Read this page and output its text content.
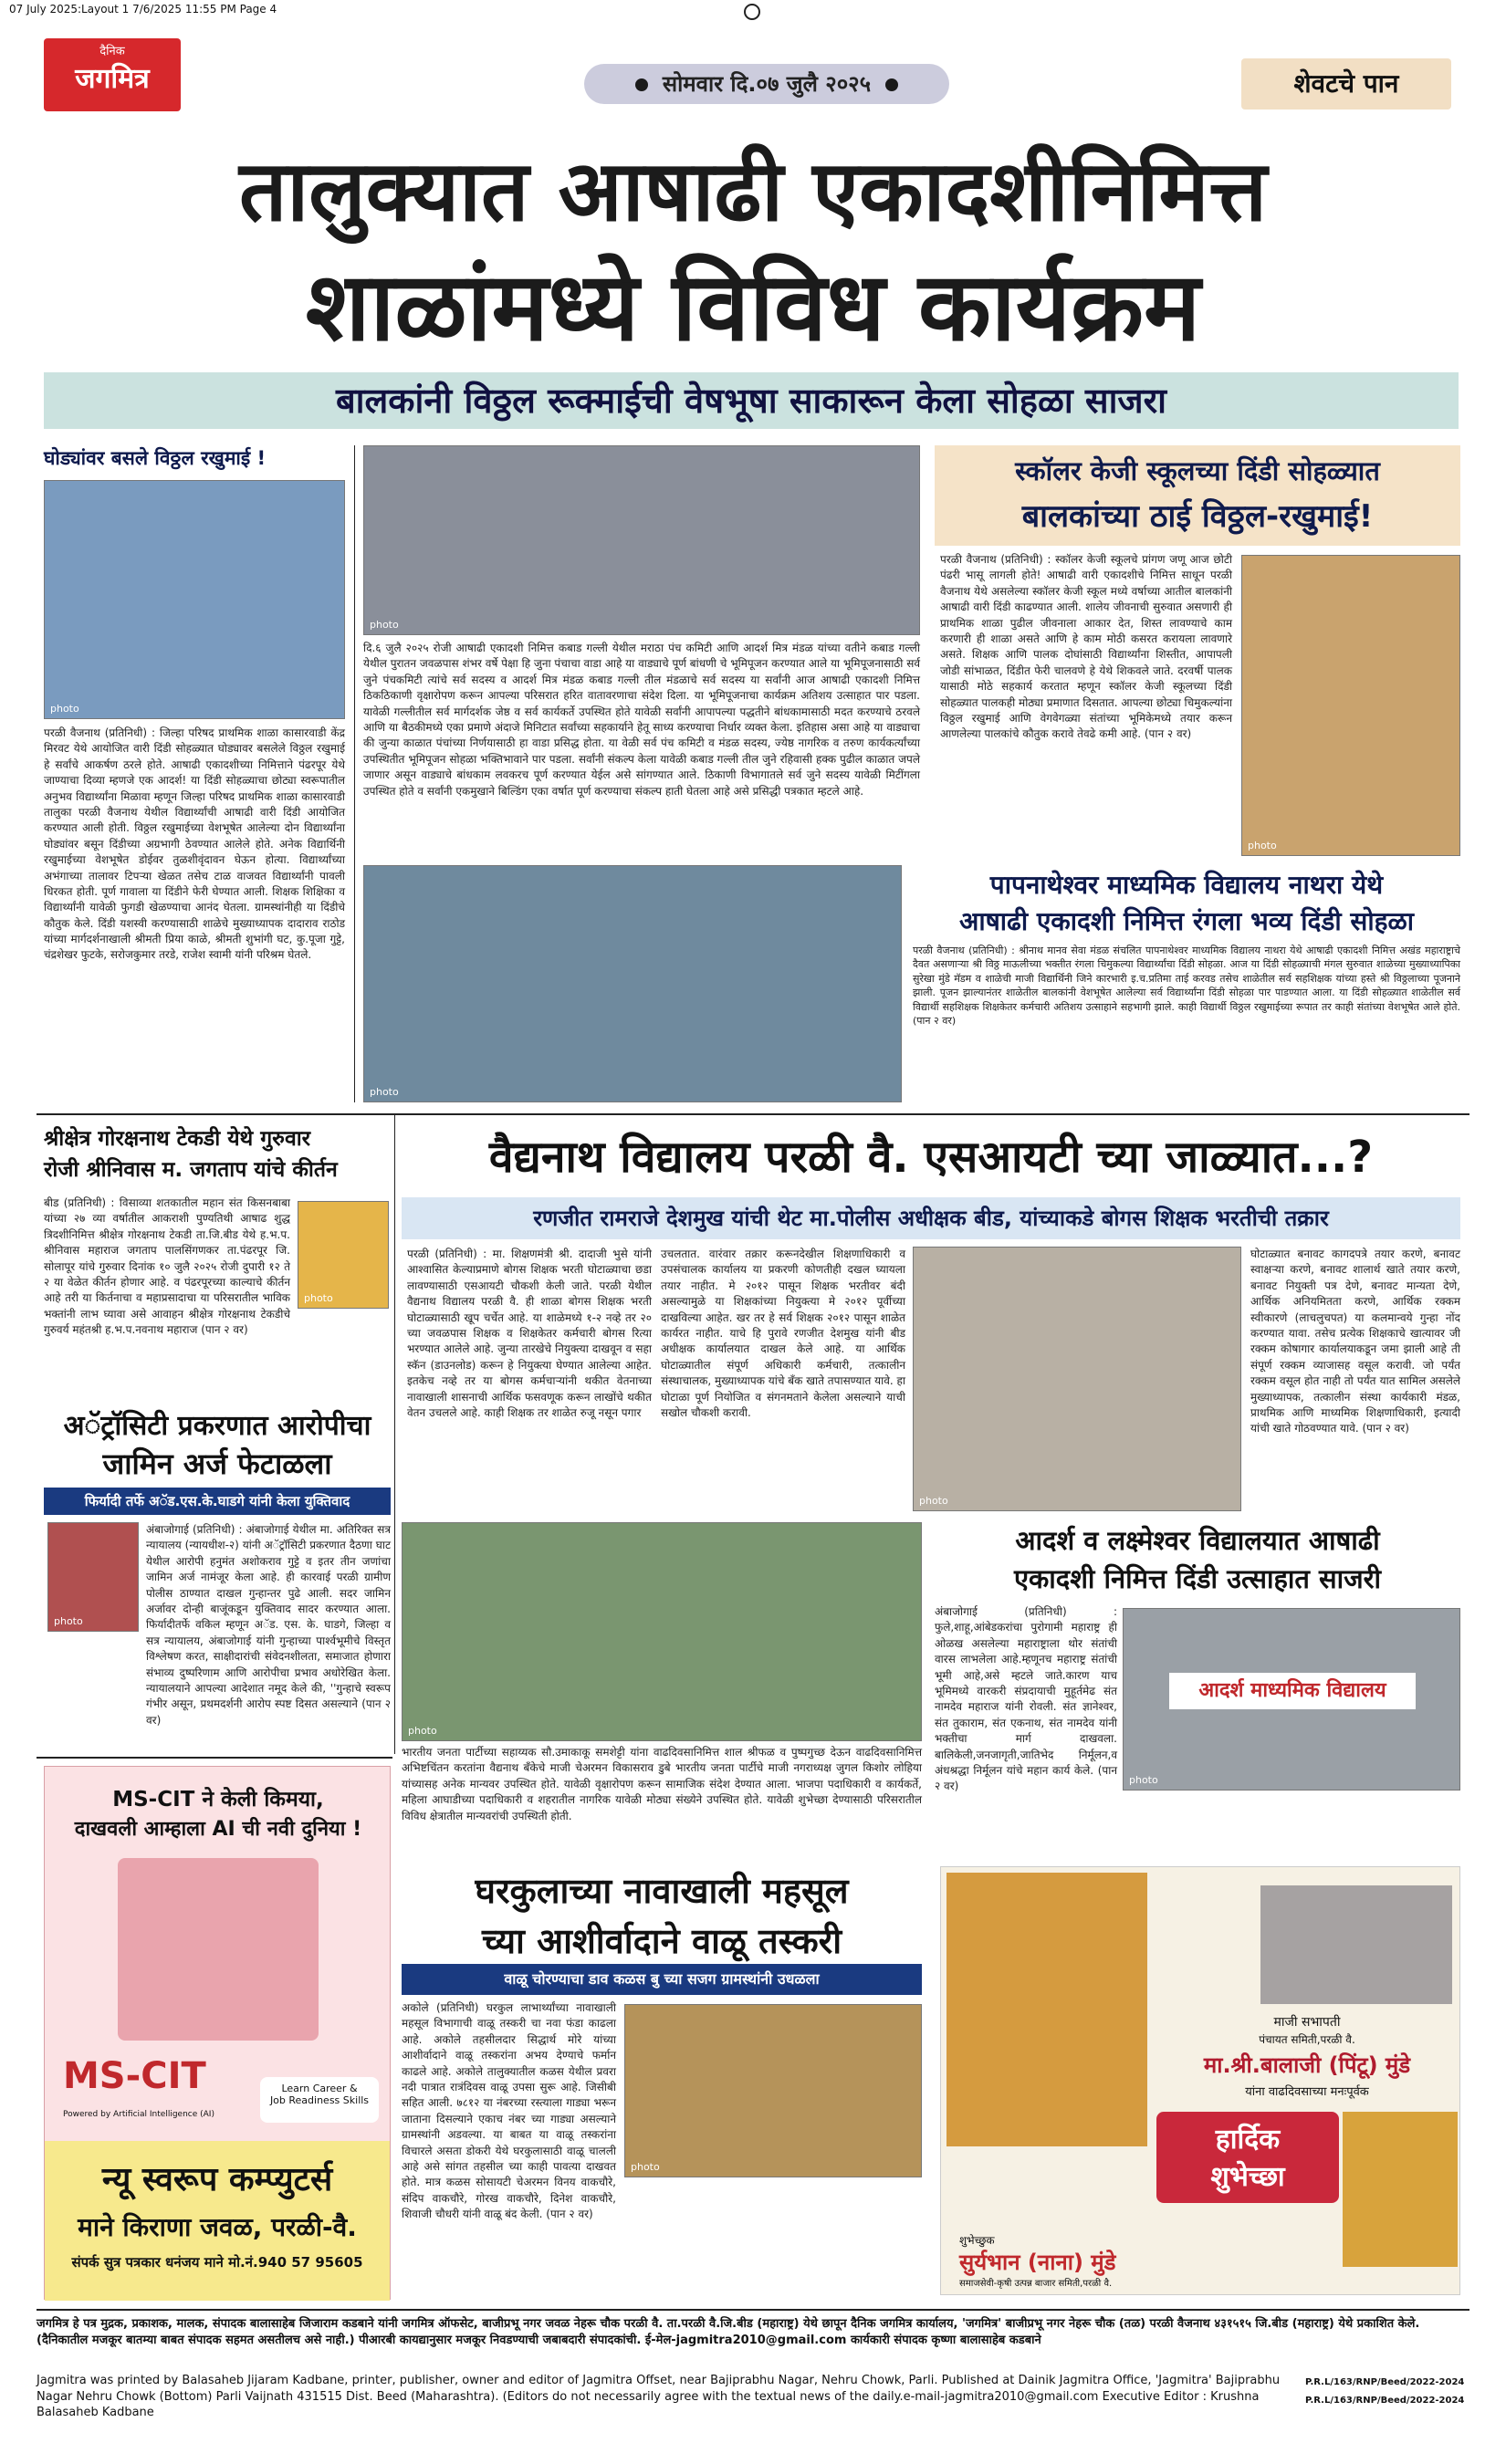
07 July 2025:Layout 1 7/6/2025 11:55 PM Page 4
दैनिक
जगमित्र	सोमवार दि.०७ जुलै २०२५	शेवटचे पान
तालुक्यात आषाढी एकादशीनिमित्त
शाळांमध्ये विविध कार्यक्रम
बालकांनी विठ्ठल रूक्माईची वेषभूषा साकारून केला सोहळा साजरा
घोड्यांवर बसले विठ्ठल रखुमाई !
photo
परळी वैजनाथ (प्रतिनिधी) : जिल्हा परिषद प्राथमिक शाळा कासारवाडी केंद्र मिरवट येथे आयोजित वारी दिंडी सोहळ्यात घोड्यावर बसलेले विठ्ठल रखुमाई हे सर्वांचे आकर्षण ठरले होते. आषाढी एकादशीच्या निमित्ताने पंढरपूर येथे जाण्याचा दिव्या म्हणजे एक आदर्श! या दिंडी सोहळ्याचा छोट्या स्वरूपातील अनुभव विद्यार्थ्यांना मिळावा म्हणून जिल्हा परिषद प्राथमिक शाळा कासारवाडी तालुका परळी वैजनाथ येथील विद्यार्थ्यांची आषाढी वारी दिंडी आयोजित करण्यात आली होती. विठ्ठल रखुमाईच्या वेशभूषेत आलेल्या दोन विद्यार्थ्यांना घोड्यांवर बसून दिंडीच्या अग्रभागी ठेवण्यात आलेले होते. अनेक विद्यार्थिनी रखुमाईच्या वेशभूषेत डोईवर तुळशीवृंदावन घेऊन होत्या. विद्यार्थ्यांच्या अभंगाच्या तालावर टिपऱ्या खेळत तसेच टाळ वाजवत विद्यार्थ्यांनी पावली धिरकत होती. पूर्ण गावाला या दिंडीने फेरी घेण्यात आली. शिक्षक शिक्षिका व विद्यार्थ्यांनी यावेळी फुगडी खेळण्याचा आनंद घेतला. ग्रामस्थांनीही या दिंडीचे कौतुक केले. दिंडी यशस्वी करण्यासाठी शाळेचे मुख्याध्यापक दादाराव राठोड यांच्या मार्गदर्शनाखाली श्रीमती प्रिया काळे, श्रीमती शुभांगी घट, कु.पूजा गुट्टे, चंद्रशेखर फुटके, सरोजकुमार तरडे, राजेश स्वामी यांनी परिश्रम घेतले.
photo
दि.६ जुलै २०२५ रोजी आषाढी एकादशी निमित्त कबाड गल्ली येथील मराठा पंच कमिटी आणि आदर्श मित्र मंडळ यांच्या वतीने कबाड गल्ली येथील पुरातन जवळपास शंभर वर्षे पेक्षा हि जुना पंचाचा वाडा आहे या वाड्याचे पूर्ण बांधणी चे भूमिपूजन करण्यात आले या भूमिपूजनासाठी सर्व जुने पंचकमिटी त्यांचे सर्व सदस्य व आदर्श मित्र मंडळ कबाड गल्ली तील मंडळाचे सर्व सदस्य या सर्वांनी आज आषाढी एकादशी निमित्त ठिकठिकाणी वृक्षारोपण करून आपल्या परिसरात हरित वातावरणाचा संदेश दिला. या भूमिपूजनाचा कार्यक्रम अतिशय उत्साहात पार पडला. यावेळी गल्लीतील सर्व मार्गदर्शक जेष्ठ व सर्व कार्यकर्ते उपस्थित होते यावेळी सर्वांनी आपापल्या पद्धतीने बांधकामासाठी मदत करण्याचे ठरवले आणि या बैठकीमध्ये एका प्रमाणे अंदाजे मिनिटात सर्वांच्या सहकार्याने हेतू साध्य करण्याचा निर्धार व्यक्त केला. इतिहास असा आहे या वाड्याचा की जुन्या काळात पंचांच्या निर्णयासाठी हा वाडा प्रसिद्ध होता. या वेळी सर्व पंच कमिटी व मंडळ सदस्य, ज्येष्ठ नागरिक व तरुण कार्यकर्त्यांच्या उपस्थितीत भूमिपूजन सोहळा भक्तिभावाने पार पडला. सर्वांनी संकल्प केला यावेळी कबाड गल्ली तील जुने रहिवासी हक्क पुढील काळात जपले जाणार असून वाड्याचे बांधकाम लवकरच पूर्ण करण्यात येईल असे सांगण्यात आले. ठिकाणी विभागातले सर्व जुने सदस्य यावेळी मिटींगला उपस्थित होते व सर्वांनी एकमुखाने बिल्डिंग एका वर्षात पूर्ण करण्याचा संकल्प हाती घेतला आहे असे प्रसिद्धी पत्रकात म्हटले आहे.
स्कॉलर केजी स्कूलच्या दिंडी सोहळ्यात
बालकांच्या ठाई विठ्ठल-रखुमाई!
परळी वैजनाथ (प्रतिनिधी) : स्कॉलर केजी स्कूलचे प्रांगण जणू आज छोटी पंढरी भासू लागली होते! आषाढी वारी एकादशीचे निमित्त साधून परळी वैजनाथ येथे असलेल्या स्कॉलर केजी स्कूल मध्ये वर्षाच्या आतील बालकांनी आषाढी वारी दिंडी काढण्यात आली. शालेय जीवनाची सुरुवात असणारी ही प्राथमिक शाळा पुढील जीवनाला आकार देत, शिस्त लावण्याचे काम करणारी ही शाळा असते आणि हे काम मोठी कसरत करायला लावणारे असते. शिक्षक आणि पालक दोघांसाठी विद्यार्थ्यांना शिस्तीत, आपापली जोडी सांभाळत, दिंडीत फेरी चालवणे हे येथे शिकवले जाते. दरवर्षी पालक यासाठी मोठे सहकार्य करतात म्हणून स्कॉलर केजी स्कूलच्या दिंडी सोहळ्यात पालकही मोठ्या प्रमाणात दिसतात. आपल्या छोट्या चिमुकल्यांना विठ्ठल रखुमाई आणि वेगवेगळ्या संतांच्या भूमिकेमध्ये तयार करून आणलेल्या पालकांचे कौतुक करावे तेवढे कमी आहे. (पान २ वर)
photo
photo
पापनाथेश्वर माध्यमिक विद्यालय नाथरा येथे
आषाढी एकादशी निमित्त रंगला भव्य दिंडी सोहळा
परळी वैजनाथ (प्रतिनिधी) : श्रीनाथ मानव सेवा मंडळ संचलित पापनाथेश्वर माध्यमिक विद्यालय नाथरा येथे आषाढी एकादशी निमित्त अखंड महाराष्ट्राचे दैवत असणाऱ्या श्री विठ्ठ माऊलीच्या भक्तीत रंगला चिमुकल्या विद्यार्थ्यांचा दिंडी सोहळा. आज या दिंडी सोहळ्याची मंगल सुरुवात शाळेच्या मुख्याध्यापिका सुरेखा मुंडे मॅडम व शाळेची माजी विद्यार्थिनी जिने कारभारी इ.च.प्रतिमा ताई करवड तसेच शाळेतील सर्व सहशिक्षक यांच्या हस्ते श्री विठ्ठलाच्या पूजनाने झाली. पूजन झाल्यानंतर शाळेतील बालकांनी वेशभूषेत आलेल्या सर्व विद्यार्थ्यांना दिंडी सोहळा पार पाडण्यात आला. या दिंडी सोहळ्यात शाळेतील सर्व विद्यार्थी सहशिक्षक शिक्षकेतर कर्मचारी अतिशय उत्साहाने सहभागी झाले. काही विद्यार्थी विठ्ठल रखुमाईच्या रूपात तर काही संतांच्या वेशभूषेत आले होते. (पान २ वर)
श्रीक्षेत्र गोरक्षनाथ टेकडी येथे गुरुवार
रोजी श्रीनिवास म. जगताप यांचे कीर्तन
बीड (प्रतिनिधी) : विसाव्या शतकातील महान संत किसनबाबा यांच्या २७ व्या वर्षातील आकराशी पुण्यतिथी आषाढ शुद्ध त्रिदशीनिमित्त श्रीक्षेत्र गोरक्षनाथ टेकडी ता.जि.बीड येथे ह.भ.प. श्रीनिवास महाराज जगताप पालसिंगणकर ता.पंढरपूर जि. सोलापूर यांचे गुरुवार दिनांक १० जुलै २०२५ रोजी दुपारी १२ ते २ या वेळेत कीर्तन होणार आहे. व पंढरपूरच्या काल्याचे कीर्तन आहे तरी या किर्तनाचा व महाप्रसादाचा या परिसरातील भाविक भक्तांनी लाभ घ्यावा असे आवाहन श्रीक्षेत्र गोरक्षनाथ टेकडीचे गुरुवर्य महंतश्री ह.भ.प.नवनाथ महाराज (पान २ वर)
photo
वैद्यनाथ विद्यालय परळी वै. एसआयटी च्या जाळ्यात...?
रणजीत रामराजे देशमुख यांची थेट मा.पोलीस अधीक्षक बीड, यांच्याकडे बोगस शिक्षक भरतीची तक्रार
परळी (प्रतिनिधी) : मा. शिक्षणमंत्री श्री. दादाजी भुसे यांनी आश्वासित केल्याप्रमाणे बोगस शिक्षक भरती घोटाळ्याचा छडा लावण्यासाठी एसआयटी चौकशी केली जाते. परळी येथील वैद्यनाथ विद्यालय परळी वै. ही शाळा बोगस शिक्षक भरती घोटाळ्यासाठी खूप चर्चेत आहे. या शाळेमध्ये १-२ नव्हे तर २० च्या जवळपास शिक्षक व शिक्षकेतर कर्मचारी बोगस रित्या भरण्यात आलेले आहे. जुन्या तारखेचे नियुक्त्या दाखवून व सहा स्कॅन (डाउनलोड) करून हे नियुक्त्या घेण्यात आलेल्या आहेत. इतकेच नव्हे तर या बोगस कर्मचाऱ्यांनी थकीत वेतनाच्या नावाखाली शासनाची आर्थिक फसवणूक करून लाखोंचे थकीत वेतन उचलले आहे. काही शिक्षक तर शाळेत रुजू नसून पगार
उचलतात. वारंवार तक्रार करूनदेखील शिक्षणाधिकारी व उपसंचालक कार्यालय या प्रकरणी कोणतीही दखल घ्यायला तयार नाहीत. मे २०१२ पासून शिक्षक भरतीवर बंदी असल्यामुळे या शिक्षकांच्या नियुक्त्या मे २०१२ पूर्वीच्या दाखविल्या आहेत. खर तर हे सर्व शिक्षक २०१२ पासून शाळेत कार्यरत नाहीत. याचे हि पुरावे रणजीत देशमुख यांनी बीड अधीक्षक कार्यालयात दाखल केले आहे. या आर्थिक घोटाळ्यातील संपूर्ण अधिकारी कर्मचारी, तत्कालीन संस्थाचालक, मुख्याध्यापक यांचे बँक खाते तपासण्यात यावे. हा घोटाळा पूर्ण नियोजित व संगनमताने केलेला असल्याने याची सखोल चौकशी करावी.
photo
घोटाळ्यात बनावट कागदपत्रे तयार करणे, बनावट स्वाक्षऱ्या करणे, बनावट शालार्थ खाते तयार करणे, बनावट नियुक्ती पत्र देणे, बनावट मान्यता देणे, आर्थिक अनियमितता करणे, आर्थिक रक्कम स्वीकारणे (लाचलुचपत) या कलमान्वये गुन्हा नोंद करण्यात यावा. तसेच प्रत्येक शिक्षकाचे खात्यावर जी रक्कम कोषागार कार्यालयाकडून जमा झाली आहे ती संपूर्ण रक्कम व्याजासह वसूल करावी. जो पर्यंत रक्कम वसूल होत नाही तो पर्यंत यात सामिल असलेले मुख्याध्यापक, तत्कालीन संस्था कार्यकारी मंडळ, प्राथमिक आणि माध्यमिक शिक्षणाधिकारी, इत्यादी यांची खाते गोठवण्यात यावे. (पान २ वर)
अॅट्रॉसिटी प्रकरणात आरोपीचा
जामिन अर्ज फेटाळला
फिर्यादी तर्फे अॅड.एस.के.घाडगे यांनी केला युक्तिवाद
photo
अंबाजोगाई (प्रतिनिधी) : अंबाजोगाई येथील मा. अतिरिक्त सत्र न्यायालय (न्यायधीश-२) यांनी अॅट्रॉसिटी प्रकरणात दैठणा घाट येथील आरोपी हनुमंत अशोकराव गुट्टे व इतर तीन जणांचा जामिन अर्ज नामंजूर केला आहे. ही कारवाई परळी ग्रामीण पोलीस ठाण्यात दाखल गुन्हान्तर पुढे आली. सदर जामिन अर्जावर दोन्ही बाजूंकडून युक्तिवाद सादर करण्यात आला. फिर्यादीतर्फे वकिल म्हणून अॅड. एस. के. घाडगे, जिल्हा व सत्र न्यायालय, अंबाजोगाई यांनी गुन्हाच्या पार्श्वभूमीचे विस्तृत विश्लेषण करत, साक्षीदारांची संवेदनशीलता, समाजात होणारा संभाव्य दुष्परिणाम आणि आरोपीचा प्रभाव अधोरेखित केला. न्यायालयाने आपल्या आदेशात नमूद केले की, ''गुन्हाचे स्वरूप गंभीर असून, प्रथमदर्शनी आरोप स्पष्ट दिसत असल्याने (पान २ वर)
photo
भारतीय जनता पार्टीच्या सहाय्यक सौ.उमाकाकू समशेट्टी यांना वाढदिवसानिमित्त शाल श्रीफळ व पुष्पगुच्छ देऊन वाढदिवसानिमित्त अभिष्टचिंतन करतांना वैद्यनाथ बँकेचे माजी चेअरमन विकासराव डुबे भारतीय जनता पार्टीचे माजी नगराध्यक्ष जुगल किशोर लोहिया यांच्यासह अनेक मान्यवर उपस्थित होते. यावेळी वृक्षारोपण करून सामाजिक संदेश देण्यात आला. भाजपा पदाधिकारी व कार्यकर्ते, महिला आघाडीच्या पदाधिकारी व शहरातील नागरिक यावेळी मोठ्या संख्येने उपस्थित होते. यावेळी शुभेच्छा देण्यासाठी परिसरातील विविध क्षेत्रातील मान्यवरांची उपस्थिती होती.
आदर्श व लक्ष्मेश्वर विद्यालयात आषाढी
एकादशी निमित्त दिंडी उत्साहात साजरी
अंबाजोगाई (प्रतिनिधी) : फुले,शाहू,आंबेडकरांचा पुरोगामी महाराष्ट्र ही ओळख असलेल्या महाराष्ट्राला थोर संतांची वारस लाभलेला आहे.म्हणूनच महाराष्ट्र संतांची भूमी आहे,असे म्हटले जाते.कारण याच भूमिमध्ये वारकरी संप्रदायाची मुहूर्तमेढ संत नामदेव महाराज यांनी रोवली. संत ज्ञानेश्वर, संत तुकाराम, संत एकनाथ, संत नामदेव यांनी भक्तीचा मार्ग दाखवला. बालिकेली,जनजागृती,जातिभेद निर्मूलन,व अंधश्रद्धा निर्मूलन यांचे महान कार्य केले. (पान २ वर)
आदर्श माध्यमिक विद्यालय
photo
MS-CIT ने केली किमया,
दाखवली आम्हाला AI ची नवी दुनिया !
MS-CIT
Powered by Artificial Intelligence (AI)
Learn Career &
Job Readiness Skills
न्यू स्वरूप कम्प्युटर्स
माने किराणा जवळ, परळी-वै.
संपर्क सुत्र पत्रकार धनंजय माने मो.नं.940 57 95605
घरकुलाच्या नावाखाली महसूल
च्या आशीर्वादाने वाळू तस्करी
वाळू चोरण्याचा डाव कळस बु च्या सजग ग्रामस्थांनी उधळला
अकोले (प्रतिनिधी) घरकुल लाभार्थ्यांच्या नावाखाली महसूल विभागाची वाळू तस्करी चा नवा फंडा काढला आहे. अकोले तहसीलदार सिद्धार्थ मोरे यांच्या आशीर्वादाने वाळू तस्करांना अभय देण्याचे फर्मान काढले आहे. अकोले तालुक्यातील कळस येथील प्रवरा नदी पात्रात रात्रंदिवस वाळू उपसा सुरू आहे. जिसीबी सहित आली. ७८१२ या नंबरच्या रस्त्याला गाड्या भरून जाताना दिसल्याने एकाच नंबर च्या गाड्या असल्याने ग्रामस्थांनी अडवल्या. या बाबत या वाळू तस्करांना विचारले असता डोकरी येथे घरकुलासाठी वाळू चालली आहे असे सांगत तहसील च्या काही पावत्या दाखवत होते. मात्र कळस सोसायटी चेअरमन विनय वाकचौरे, संदिप वाकचौरे, गोरख वाकचौरे, दिनेश वाकचौरे, शिवाजी चौधरी यांनी वाळू बंद केली. (पान २ वर)
photo
माजी सभापती
पंचायत समिती,परळी वै.
मा.श्री.बालाजी (पिंटू) मुंडे
यांना वाढदिवसाच्या मनःपूर्वक
हार्दिक
शुभेच्छा
शुभेच्छुक
सुर्यभान (नाना) मुंडे
समाजसेवी-कृषी उत्पन्न बाजार समिती,परळी वै.
जगमित्र हे पत्र मुद्रक, प्रकाशक, मालक, संपादक बालासाहेब जिजाराम कडबाने यांनी जगमित्र ऑफसेट, बाजीप्रभू नगर जवळ नेहरू चौक परळी वै. ता.परळी वै.जि.बीड (महाराष्ट्र) येथे छापून दैनिक जगमित्र कार्यालय, 'जगमित्र' बाजीप्रभू नगर नेहरू चौक (तळ) परळी वैजनाथ ४३१५१५ जि.बीड (महाराष्ट्र) येथे प्रकाशित केले. (दैनिकातील मजकूर बातम्या बाबत संपादक सहमत असतीलच असे नाही.) पीआरबी कायद्यानुसार मजकूर निवडण्याची जबाबदारी संपादकांची. ई-मेल-jagmitra2010@gmail.com कार्यकारी संपादक कृष्णा बालासाहेब कडबाने
Jagmitra was printed by Balasaheb Jijaram Kadbane, printer, publisher, owner and editor of Jagmitra Offset, near Bajiprabhu Nagar, Nehru Chowk, Parli. Published at Dainik Jagmitra Office, 'Jagmitra' Bajiprabhu Nagar Nehru Chowk (Bottom) Parli Vaijnath 431515 Dist. Beed (Maharashtra). (Editors do not necessarily agree with the textual news of the daily.e-mail-jagmitra2010@gmail.com Executive Editor : Krushna Balasaheb Kadbane
P.R.L/163/RNP/Beed/2022-2024
P.R.L/163/RNP/Beed/2022-2024
